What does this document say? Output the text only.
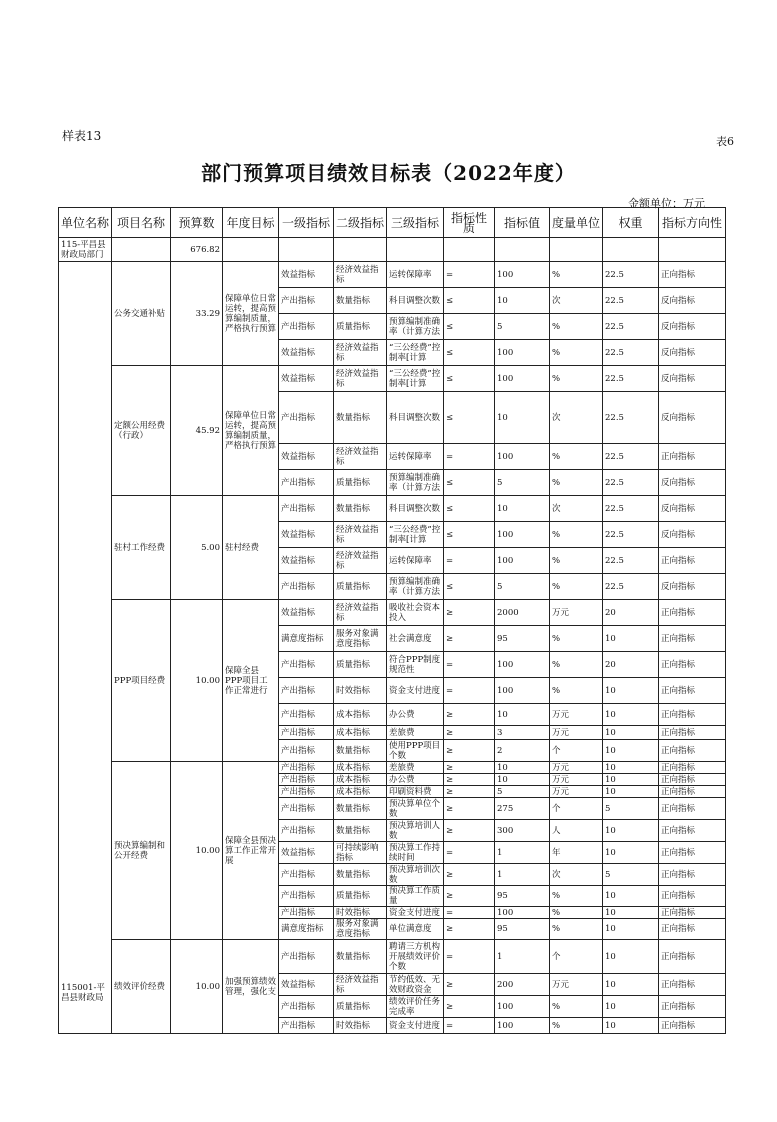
样表13	表6
部门预算项目绩效目标表（2022年度）
金额单位：万元
单位名称	项目名称	预算数	年度目标	一级指标	二级指标	三级指标	指标性质	指标值	度量单位	权重	指标方向性
115-平昌县财政局部门		676.82									
115001-平昌县财政局	公务交通补贴	33.29	保障单位日常运转，提高预算编制质量，严格执行预算	效益指标	经济效益指标	运转保障率	=	100	%	22.5	正向指标
				产出指标	数量指标	科目调整次数	≤	10	次	22.5	反向指标
				产出指标	质量指标	预算编制准确率（计算方法	≤	5	%	22.5	反向指标
				效益指标	经济效益指标	“三公经费”控制率[计算	≤	100	%	22.5	反向指标
	定额公用经费（行政）	45.92	保障单位日常运转，提高预算编制质量，严格执行预算	效益指标	经济效益指标	“三公经费”控制率[计算	≤	100	%	22.5	反向指标
				产出指标	数量指标	科目调整次数	≤	10	次	22.5	反向指标
				效益指标	经济效益指标	运转保障率	=	100	%	22.5	正向指标
				产出指标	质量指标	预算编制准确率（计算方法	≤	5	%	22.5	反向指标
	驻村工作经费	5.00	驻村经费	产出指标	数量指标	科目调整次数	≤	10	次	22.5	反向指标
				效益指标	经济效益指标	“三公经费”控制率[计算	≤	100	%	22.5	反向指标
				效益指标	经济效益指标	运转保障率	=	100	%	22.5	正向指标
				产出指标	质量指标	预算编制准确率（计算方法	≤	5	%	22.5	反向指标
	PPP项目经费	10.00	保障全县PPP项目工作正常进行	效益指标	经济效益指标	吸收社会资本投入	≥	2000	万元	20	正向指标
				满意度指标	服务对象满意度指标	社会满意度	≥	95	%	10	正向指标
				产出指标	质量指标	符合PPP制度规范性	=	100	%	20	正向指标
				产出指标	时效指标	资金支付进度	=	100	%	10	正向指标
				产出指标	成本指标	办公费	≥	10	万元	10	正向指标
				产出指标	成本指标	差旅费	≥	3	万元	10	正向指标
				产出指标	数量指标	使用PPP项目个数	≥	2	个	10	正向指标
	预决算编制和公开经费	10.00	保障全县预决算工作正常开展	产出指标	成本指标	差旅费	≥	10	万元	10	正向指标
				产出指标	成本指标	办公费	≥	10	万元	10	正向指标
				产出指标	成本指标	印刷资料费	≥	5	万元	10	正向指标
				产出指标	数量指标	预决算单位个数	≥	275	个	5	正向指标
				产出指标	数量指标	预决算培训人数	≥	300	人	10	正向指标
				效益指标	可持续影响指标	预决算工作持续时间	=	1	年	10	正向指标
				产出指标	数量指标	预决算培训次数	≥	1	次	5	正向指标
				产出指标	质量指标	预决算工作质量	≥	95	%	10	正向指标
				产出指标	时效指标	资金支付进度	=	100	%	10	正向指标
				满意度指标	服务对象满意度指标	单位满意度	≥	95	%	10	正向指标
	绩效评价经费	10.00	加强预算绩效管理，强化支	产出指标	数量指标	聘请三方机构开展绩效评价个数	=	1	个	10	正向指标
				效益指标	经济效益指标	节约低效、无效财政资金	≥	200	万元	10	正向指标
				产出指标	质量指标	绩效评价任务完成率	≥	100	%	10	正向指标
				产出指标	时效指标	资金支付进度	=	100	%	10	正向指标
